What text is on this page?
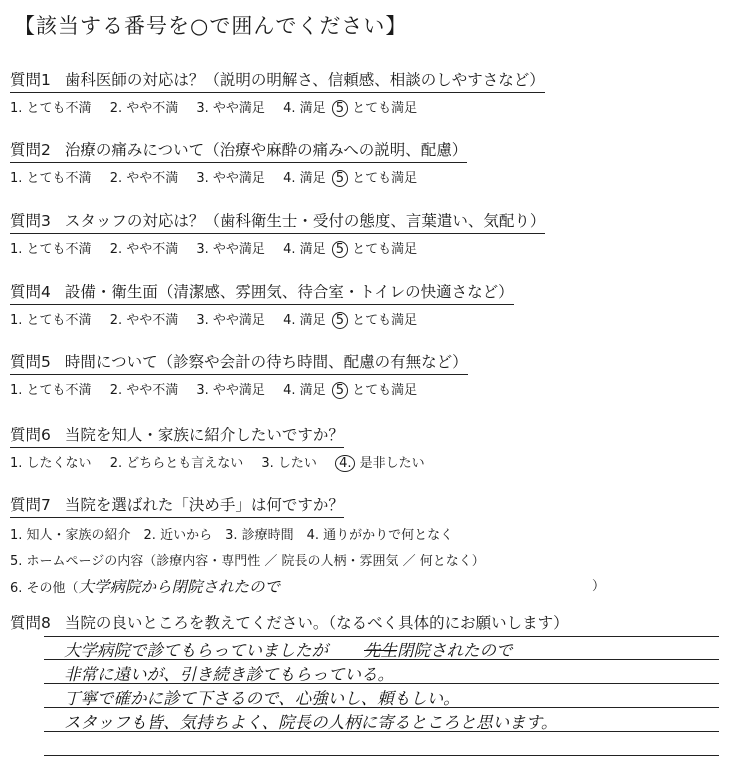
【該当する番号を○で囲んでください】
質問1 歯科医師の対応は？（説明の明解さ、信頼感、相談のしやすさなど）
1. とても不満 2. やや不満 3. やや満足 4. 満足 5 とても満足
質問2 治療の痛みについて（治療や麻酔の痛みへの説明、配慮）
1. とても不満 2. やや不満 3. やや満足 4. 満足 5 とても満足
質問3 スタッフの対応は？（歯科衛生士・受付の態度、言葉遣い、気配り）
1. とても不満 2. やや不満 3. やや満足 4. 満足 5 とても満足
質問4 設備・衛生面（清潔感、雰囲気、待合室・トイレの快適さなど）
1. とても不満 2. やや不満 3. やや満足 4. 満足 5 とても満足
質問5 時間について（診察や会計の待ち時間、配慮の有無など）
1. とても不満 2. やや不満 3. やや満足 4. 満足 5 とても満足
質問6 当院を知人・家族に紹介したいですか？
1. したくない 2. どちらとも言えない 3. したい 4. 是非したい
質問7 当院を選ばれた「決め手」は何ですか？
1. 知人・家族の紹介　2. 近いから　3. 診療時間　4. 通りがかりで何となく
5. ホームページの内容（診療内容・専門性 ／ 院長の人柄・雰囲気 ／ 何となく）
6. その他（大学病院から閉院されたので	）
質問8 当院の良いところを教えてください。（なるべく具体的にお願いします）
大学病院で診てもらっていましたが 先生閉院されたので
非常に遠いが、引き続き診てもらっている。
丁寧で確かに診て下さるので、心強いし、頼もしい。
スタッフも皆、気持ちよく、院長の人柄に寄るところと思います。
